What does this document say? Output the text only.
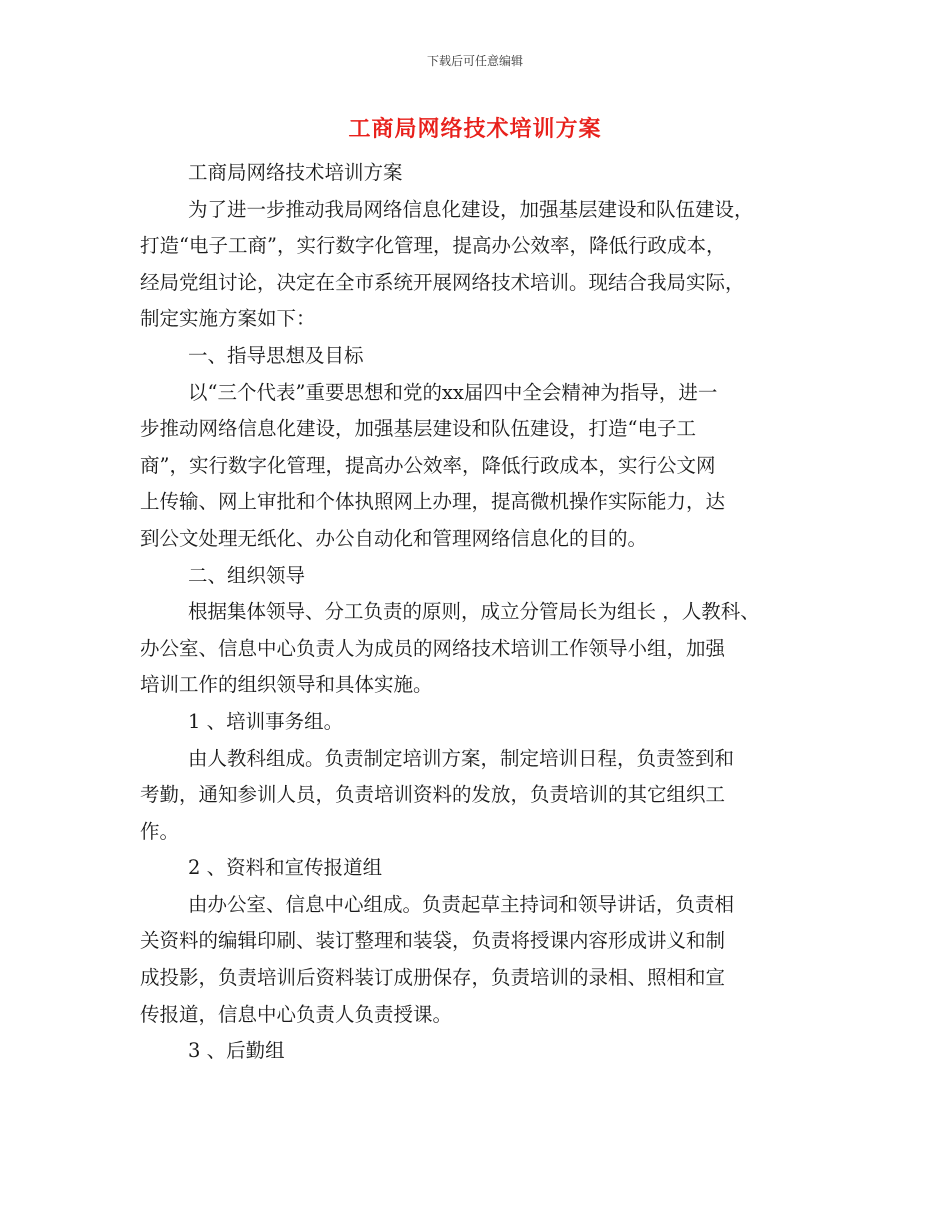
下载后可任意编辑
工商局网络技术培训方案
工商局网络技术培训方案
为了进一步推动我局网络信息化建设，加强基层建设和队伍建设，
打造“电子工商”，实行数字化管理，提高办公效率，降低行政成本，
经局党组讨论，决定在全市系统开展网络技术培训。现结合我局实际，
制定实施方案如下：
一、指导思想及目标
以“三个代表”重要思想和党的xx届四中全会精神为指导，进一
步推动网络信息化建设，加强基层建设和队伍建设，打造“电子工
商”，实行数字化管理，提高办公效率，降低行政成本，实行公文网
上传输、网上审批和个体执照网上办理，提高微机操作实际能力，达
到公文处理无纸化、办公自动化和管理网络信息化的目的。
二、组织领导
根据集体领导、分工负责的原则，成立分管局长为组长 ，人教科、
办公室、信息中心负责人为成员的网络技术培训工作领导小组，加强
培训工作的组织领导和具体实施。
1 、培训事务组。
由人教科组成。负责制定培训方案，制定培训日程，负责签到和
考勤，通知参训人员，负责培训资料的发放，负责培训的其它组织工
作。
2 、资料和宣传报道组
由办公室、信息中心组成。负责起草主持词和领导讲话，负责相
关资料的编辑印刷、装订整理和装袋，负责将授课内容形成讲义和制
成投影，负责培训后资料装订成册保存，负责培训的录相、照相和宣
传报道，信息中心负责人负责授课。
3 、后勤组
